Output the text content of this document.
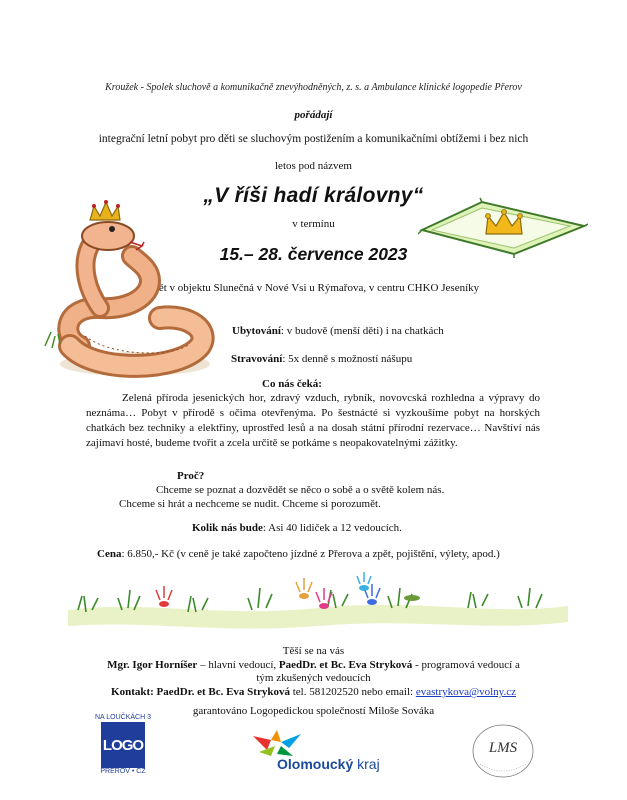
Kroužek - Spolek sluchově a komunikačně znevýhodněných, z. s. a Ambulance klinické logopedie Přerov
pořádají
integrační letní pobyt pro děti se sluchovým postižením a komunikačními obtížemi i bez nich
letos pod názvem
„V říši hadí královny“
v termínu
15.– 28. července 2023
opět v objektu Slunečná v Nové Vsi u Rýmařova, v centru CHKO Jeseníky
Ubytování: v budově (menší děti) i na chatkách
Stravování: 5x denně s možností nášupu
Co nás čeká:
Zelená příroda jesenických hor, zdravý vzduch, rybník, novovcská rozhledna a výpravy do neznáma… Pobyt v přírodě s očima otevřenýma. Po šestnácté si vyzkoušíme pobyt na horských chatkách bez techniky a elektřiny, uprostřed lesů a na dosah státní přírodní rezervace… Navštíví nás zajímaví hosté, budeme tvořit a zcela určitě se potkáme s neopakovatelnými zážitky.
Proč?
Chceme se poznat a dozvědět se něco o sobě a o světě kolem nás.
Chceme si hrát a nechceme se nudit. Chceme si porozumět.
Kolik nás bude: Asi 40 lidiček a 12 vedoucích.
Cena: 6.850,- Kč (v ceně je také započteno jízdné z Přerova a zpět, pojištění, výlety, apod.)
Těší se na vás
Mgr. Igor Horníšer – hlavní vedoucí, PaedDr. et Bc. Eva Stryková - programová vedoucí a
tým zkušených vedoucích
Kontakt: PaedDr. et Bc. Eva Stryková tel. 581202520 nebo email: evastrykova@volny.cz
garantováno Logopedickou společností Miloše Sováka
NA LOUČKÁCH 3
LOGO
PŘEROV • CZ	Olomoucký kraj
LMS
